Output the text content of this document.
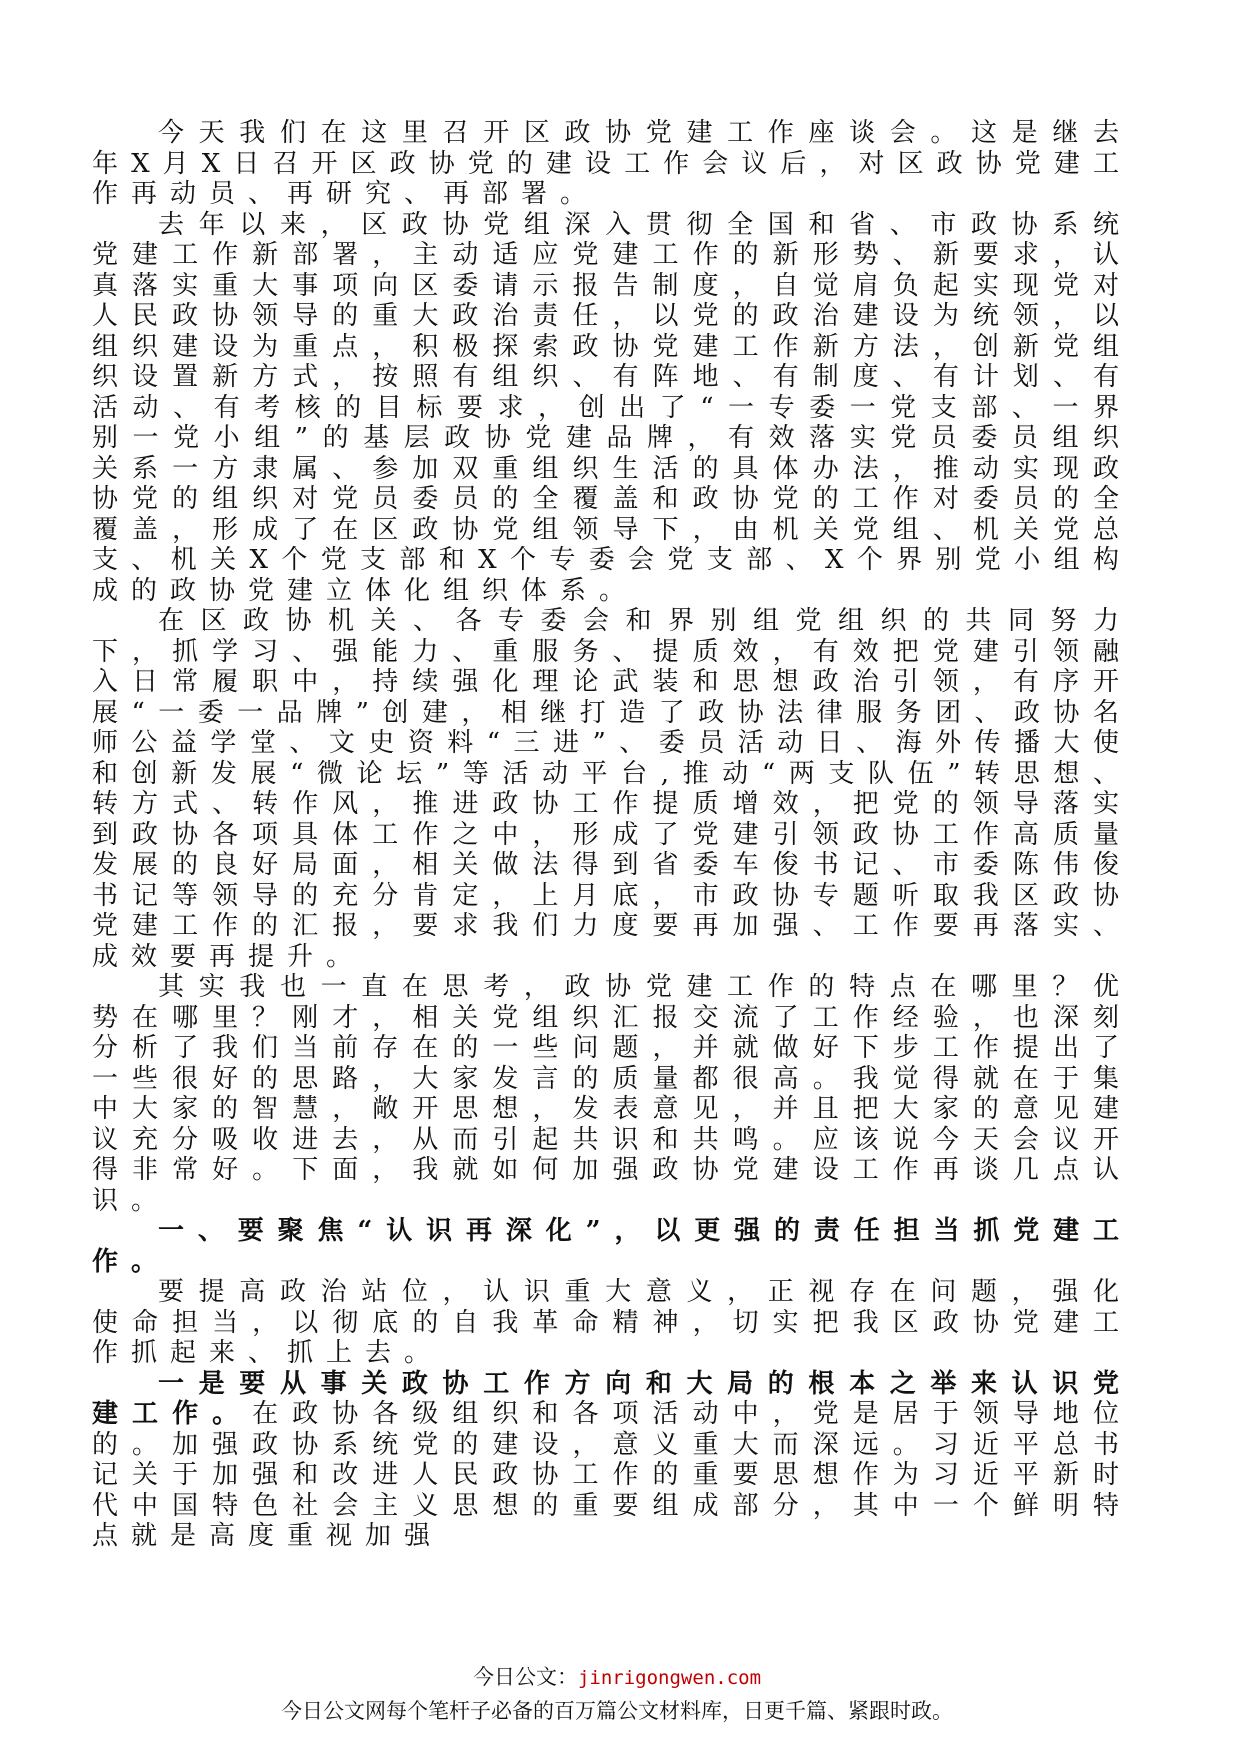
今天我们在这里召开区政协党建工作座谈会。这是继去年X月X日召开区政协党的建设工作会议后，对区政协党建工作再动员、再研究、再部署。

去年以来，区政协党组深入贯彻全国和省、市政协系统党建工作新部署，主动适应党建工作的新形势、新要求，认真落实重大事项向区委请示报告制度，自觉肩负起实现党对人民政协领导的重大政治责任，以党的政治建设为统领，以组织建设为重点，积极探索政协党建工作新方法，创新党组织设置新方式，按照有组织、有阵地、有制度、有计划、有活动、有考核的目标要求，创出了“一专委一党支部、一界别一党小组”的基层政协党建品牌，有效落实党员委员组织关系一方隶属、参加双重组织生活的具体办法，推动实现政协党的组织对党员委员的全覆盖和政协党的工作对委员的全覆盖，形成了在区政协党组领导下，由机关党组、机关党总支、机关X个党支部和X个专委会党支部、X个界别党小组构成的政协党建立体化组织体系。

在区政协机关、各专委会和界别组党组织的共同努力下，抓学习、强能力、重服务、提质效，有效把党建引领融入日常履职中，持续强化理论武装和思想政治引领，有序开展“一委一品牌”创建，相继打造了政协法律服务团、政协名师公益学堂、文史资料“三进”、委员活动日、海外传播大使和创新发展“微论坛”等活动平台,推动“两支队伍”转思想、转方式、转作风，推进政协工作提质增效，把党的领导落实到政协各项具体工作之中，形成了党建引领政协工作高质量发展的良好局面，相关做法得到省委车俊书记、市委陈伟俊书记等领导的充分肯定，上月底，市政协专题听取我区政协党建工作的汇报，要求我们力度要再加强、工作要再落实、成效要再提升。

其实我也一直在思考，政协党建工作的特点在哪里？优势在哪里？刚才，相关党组织汇报交流了工作经验，也深刻分析了我们当前存在的一些问题，并就做好下步工作提出了一些很好的思路，大家发言的质量都很高。我觉得就在于集中大家的智慧，敞开思想，发表意见，并且把大家的意见建议充分吸收进去，从而引起共识和共鸣。应该说今天会议开得非常好。下面，我就如何加强政协党建设工作再谈几点认识。

一、要聚焦“认识再深化”，以更强的责任担当抓党建工作。

要提高政治站位，认识重大意义，正视存在问题，强化使命担当，以彻底的自我革命精神，切实把我区政协党建工作抓起来、抓上去。

一是要从事关政协工作方向和大局的根本之举来认识党建工作。在政协各级组织和各项活动中，党是居于领导地位的。加强政协系统党的建设，意义重大而深远。习近平总书记关于加强和改进人民政协工作的重要思想作为习近平新时代中国特色社会主义思想的重要组成部分，其中一个鲜明特点就是高度重视加强

今日公文：jinrigongwen.com
今日公文网每个笔杆子必备的百万篇公文材料库，日更千篇、紧跟时政。
